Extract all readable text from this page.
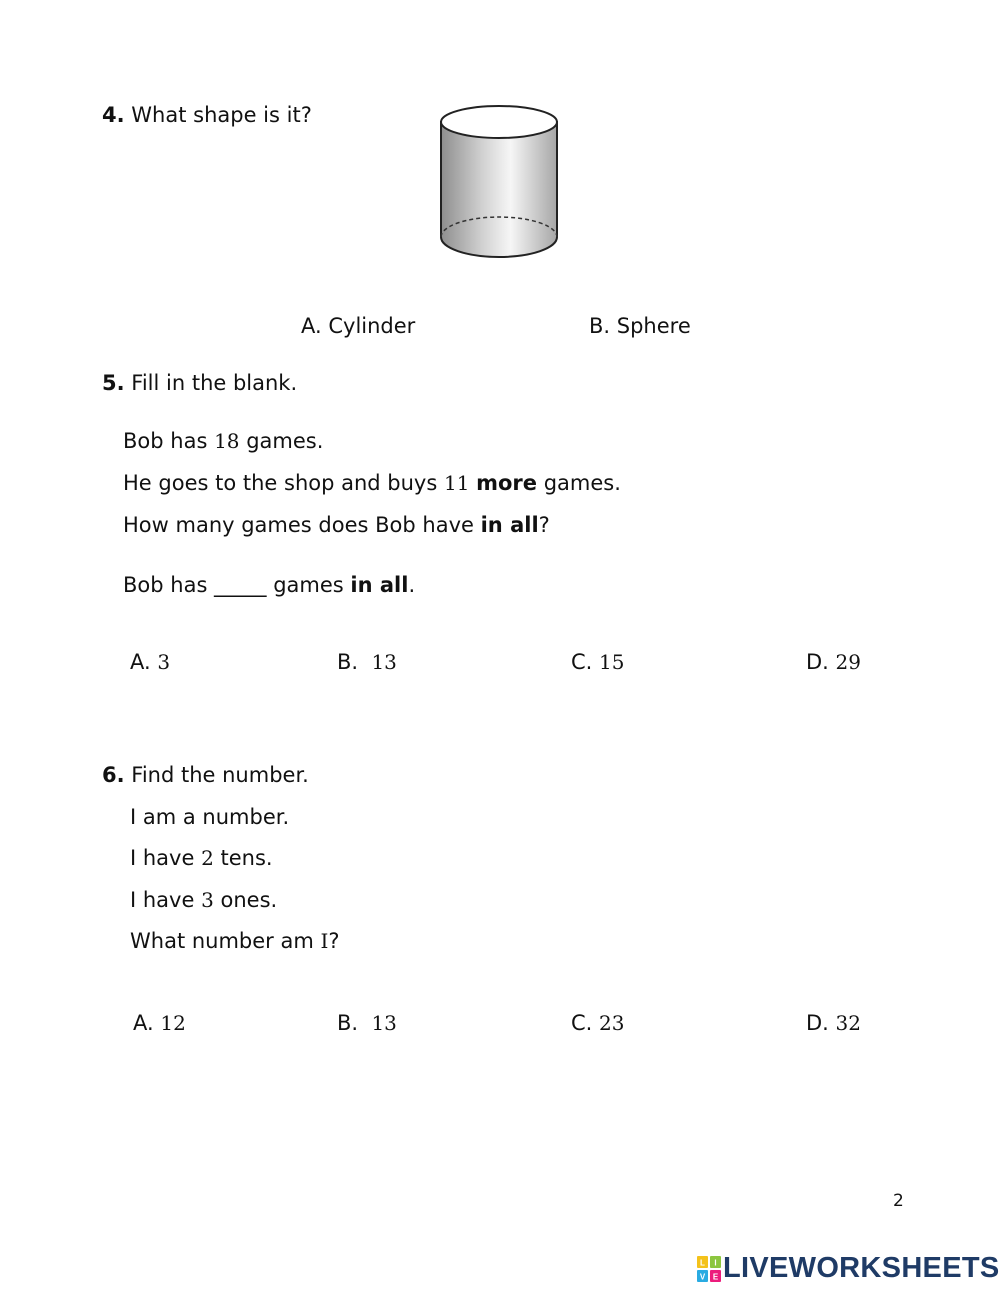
4. What shape is it?
A. Cylinder	B. Sphere
5. Fill in the blank.
Bob has 18 games.
He goes to the shop and buys 11 more games.
How many games does Bob have in all?
Bob has _____ games in all.
A. 3	B.  13	C. 15	D. 29
6. Find the number.
I am a number.
I have 2 tens.
I have 3 ones.
What number am I?
A. 12	B.  13	C. 23	D. 32
2
L I
V E LIVEWORKSHEETS
